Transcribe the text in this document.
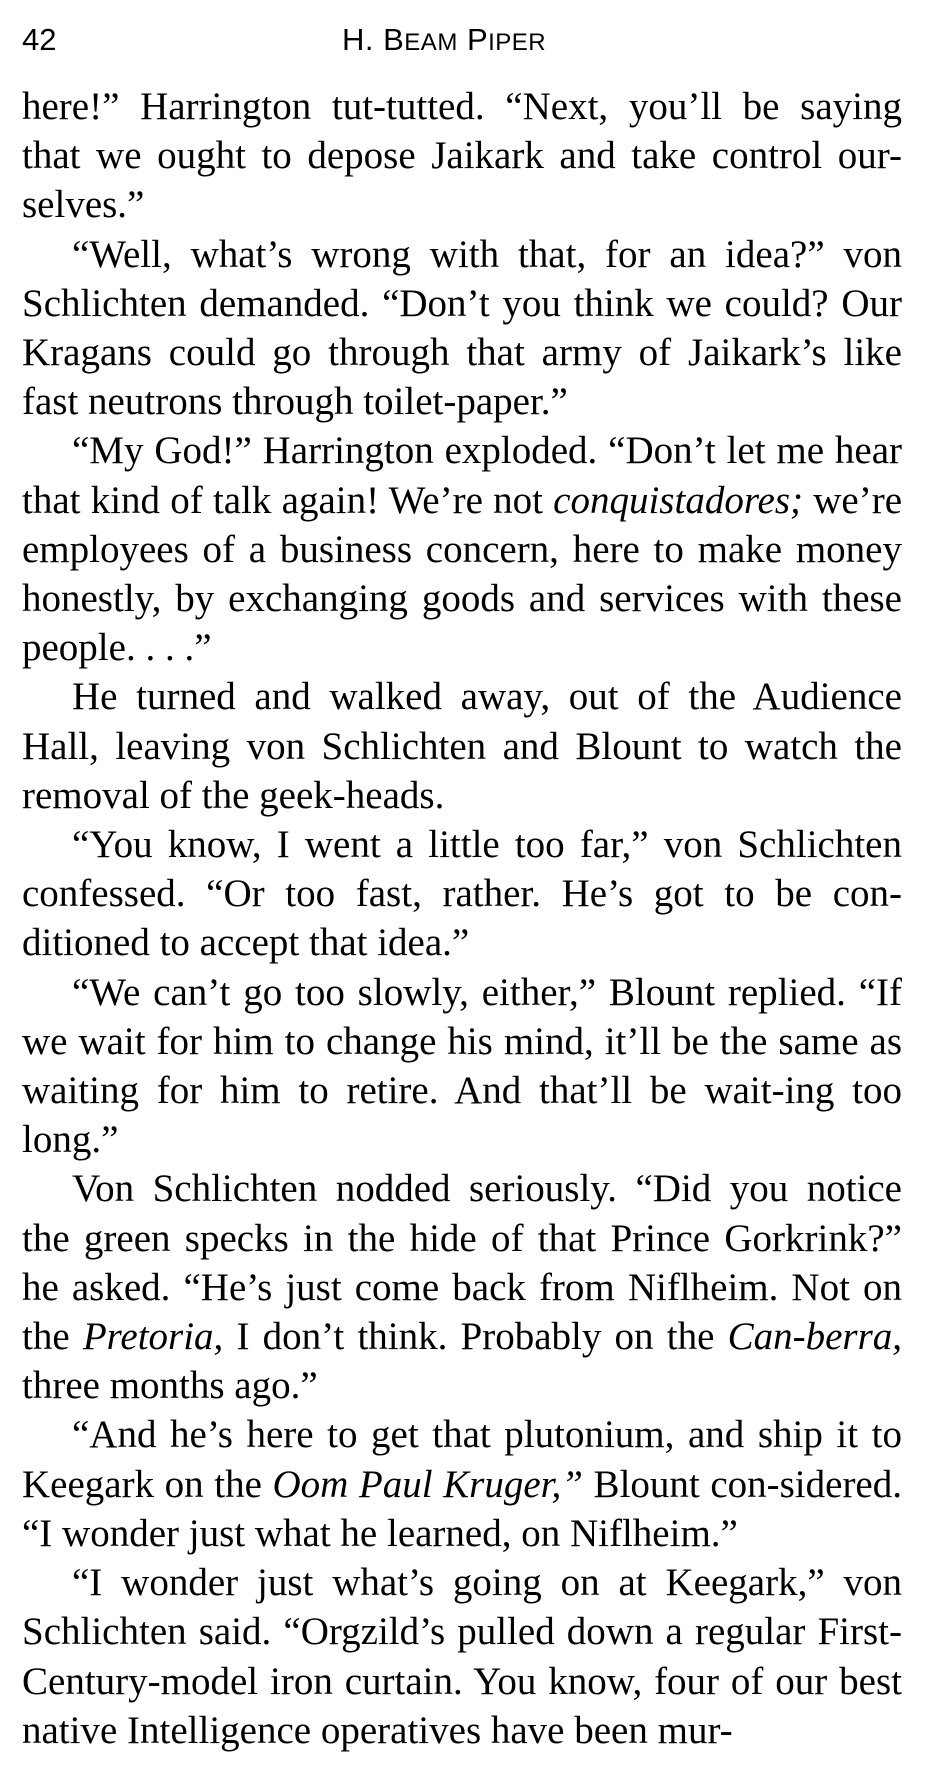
42	H. BEAM PIPER

here!” Harrington tut-tutted. “Next, you’ll be saying that we ought to depose Jaikark and take control our-selves.”

“Well, what’s wrong with that, for an idea?” von Schlichten demanded. “Don’t you think we could? Our Kragans could go through that army of Jaikark’s like fast neutrons through toilet-paper.”

“My God!” Harrington exploded. “Don’t let me hear that kind of talk again! We’re not conquistadores; we’re employees of a business concern, here to make money honestly, by exchanging goods and services with these people. . . .”

He turned and walked away, out of the Audience Hall, leaving von Schlichten and Blount to watch the removal of the geek-heads.

“You know, I went a little too far,” von Schlichten confessed. “Or too fast, rather. He’s got to be con-ditioned to accept that idea.”

“We can’t go too slowly, either,” Blount replied. “If we wait for him to change his mind, it’ll be the same as waiting for him to retire. And that’ll be wait-ing too long.”

Von Schlichten nodded seriously. “Did you notice the green specks in the hide of that Prince Gorkrink?” he asked. “He’s just come back from Niflheim. Not on the Pretoria, I don’t think. Probably on the Can-berra, three months ago.”

“And he’s here to get that plutonium, and ship it to Keegark on the Oom Paul Kruger,” Blount con-sidered. “I wonder just what he learned, on Niflheim.”

“I wonder just what’s going on at Keegark,” von Schlichten said. “Orgzild’s pulled down a regular First-Century-model iron curtain. You know, four of our best native Intelligence operatives have been mur-
